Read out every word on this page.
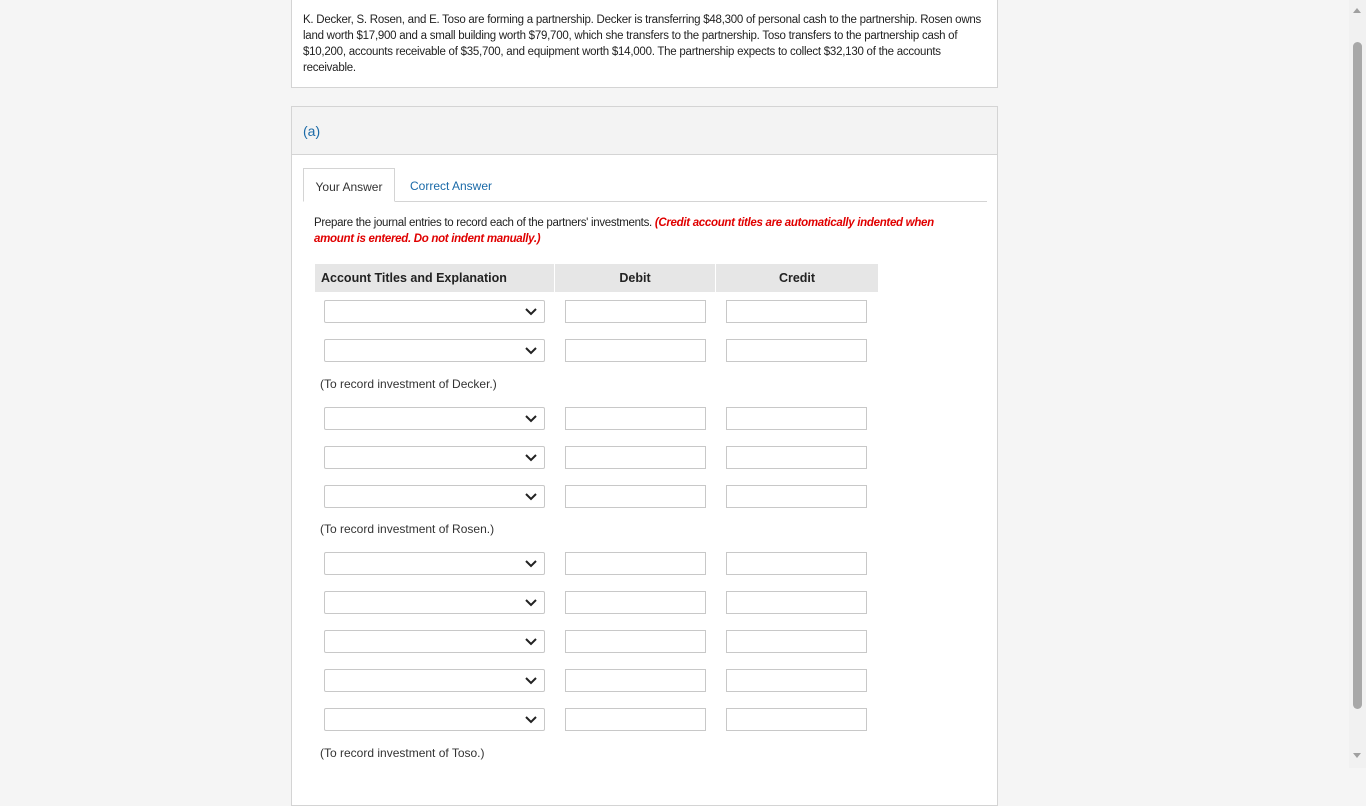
K. Decker, S. Rosen, and E. Toso are forming a partnership. Decker is transferring $48,300 of personal cash to the partnership. Rosen owns land worth $17,900 and a small building worth $79,700, which she transfers to the partnership. Toso transfers to the partnership cash of $10,200, accounts receivable of $35,700, and equipment worth $14,000. The partnership expects to collect $32,130 of the accounts receivable.
(a)
Your Answer	Correct Answer
Prepare the journal entries to record each of the partners' investments. (Credit account titles are automatically indented when amount is entered. Do not indent manually.)
Account Titles and Explanation	Debit	Credit
(To record investment of Decker.)
(To record investment of Rosen.)
(To record investment of Toso.)
